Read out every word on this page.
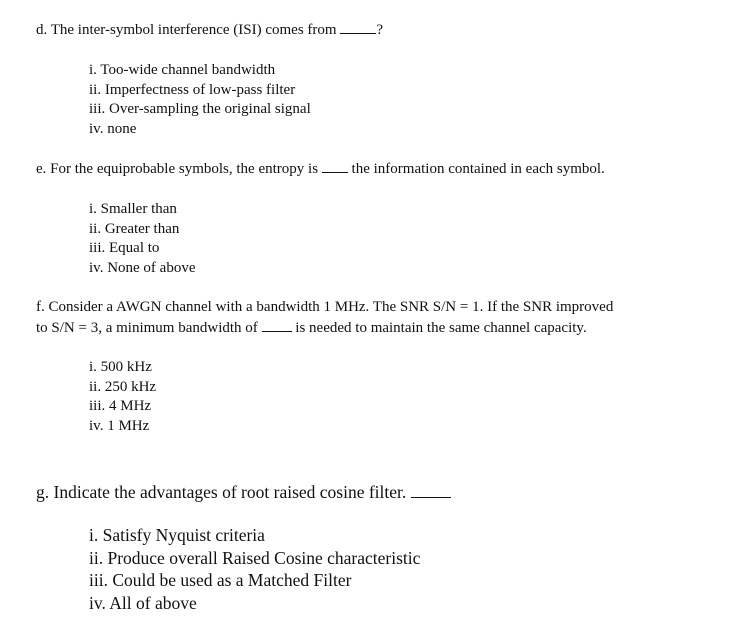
d. The inter-symbol interference (ISI) comes from ?
i. Too-wide channel bandwidth
ii. Imperfectness of low-pass filter
iii. Over-sampling the original signal
iv. none
e. For the equiprobable symbols, the entropy is  the information contained in each symbol.
i. Smaller than
ii. Greater than
iii. Equal to
iv. None of above
f. Consider a AWGN channel with a bandwidth 1 MHz. The SNR S/N = 1. If the SNR improved
to S/N = 3, a minimum bandwidth of  is needed to maintain the same channel capacity.
i. 500 kHz
ii. 250 kHz
iii. 4 MHz
iv. 1 MHz
g. Indicate the advantages of root raised cosine filter.
i. Satisfy Nyquist criteria
ii. Produce overall Raised Cosine characteristic
iii. Could be used as a Matched Filter
iv. All of above
